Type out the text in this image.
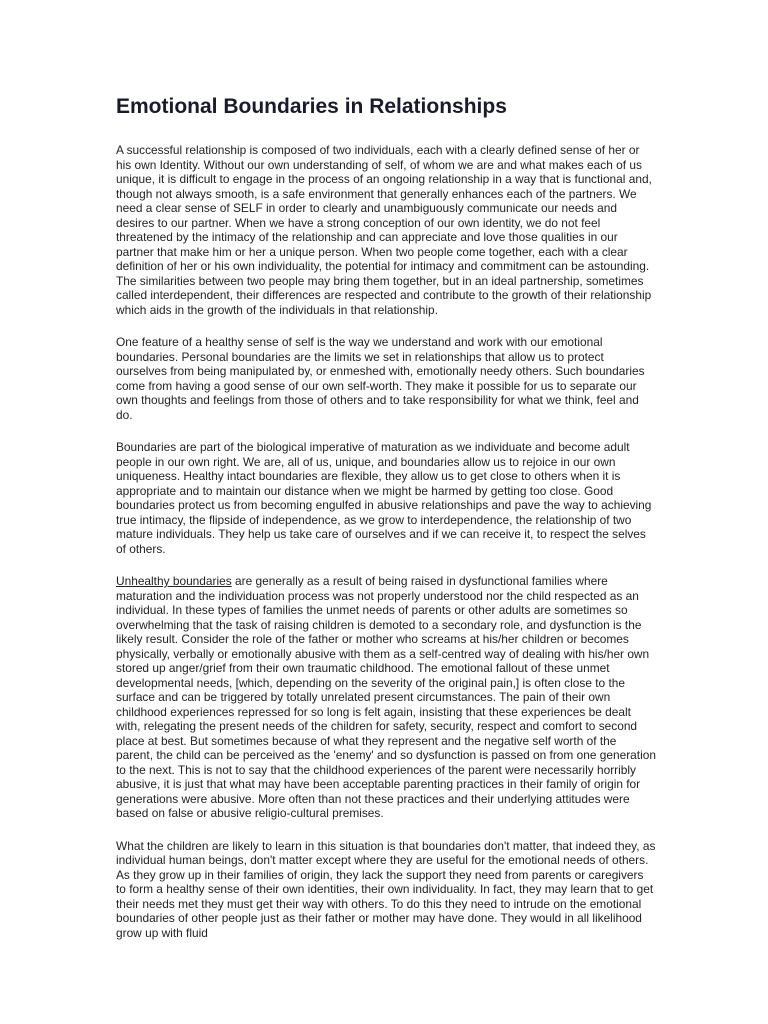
Emotional Boundaries in Relationships

A successful relationship is composed of two individuals, each with a clearly defined sense of her or his own Identity. Without our own understanding of self, of whom we are and what makes each of us unique, it is difficult to engage in the process of an ongoing relationship in a way that is functional and, though not always smooth, is a safe environment that generally enhances each of the partners. We need a clear sense of SELF in order to clearly and unambiguously communicate our needs and desires to our partner. When we have a strong conception of our own identity, we do not feel threatened by the intimacy of the relationship and can appreciate and love those qualities in our partner that make him or her a unique person. When two people come together, each with a clear definition of her or his own individuality, the potential for intimacy and commitment can be astounding. The similarities between two people may bring them together, but in an ideal partnership, sometimes called interdependent, their differences are respected and contribute to the growth of their relationship which aids in the growth of the individuals in that relationship.

One feature of a healthy sense of self is the way we understand and work with our emotional boundaries. Personal boundaries are the limits we set in relationships that allow us to protect ourselves from being manipulated by, or enmeshed with, emotionally needy others. Such boundaries come from having a good sense of our own self-worth. They make it possible for us to separate our own thoughts and feelings from those of others and to take responsibility for what we think, feel and do.

Boundaries are part of the biological imperative of maturation as we individuate and become adult people in our own right. We are, all of us, unique, and boundaries allow us to rejoice in our own uniqueness. Healthy intact boundaries are flexible, they allow us to get close to others when it is appropriate and to maintain our distance when we might be harmed by getting too close. Good boundaries protect us from becoming engulfed in abusive relationships and pave the way to achieving true intimacy, the flipside of independence, as we grow to interdependence, the relationship of two mature individuals. They help us take care of ourselves and if we can receive it, to respect the selves of others.

Unhealthy boundaries are generally as a result of being raised in dysfunctional families where maturation and the individuation process was not properly understood nor the child respected as an individual. In these types of families the unmet needs of parents or other adults are sometimes so overwhelming that the task of raising children is demoted to a secondary role, and dysfunction is the likely result. Consider the role of the father or mother who screams at his/her children or becomes physically, verbally or emotionally abusive with them as a self-centred way of dealing with his/her own stored up anger/grief from their own traumatic childhood. The emotional fallout of these unmet developmental needs, [which, depending on the severity of the original pain,] is often close to the surface and can be triggered by totally unrelated present circumstances. The pain of their own childhood experiences repressed for so long is felt again, insisting that these experiences be dealt with, relegating the present needs of the children for safety, security, respect and comfort to second place at best. But sometimes because of what they represent and the negative self worth of the parent, the child can be perceived as the 'enemy' and so dysfunction is passed on from one generation to the next. This is not to say that the childhood experiences of the parent were necessarily horribly abusive, it is just that what may have been acceptable parenting practices in their family of origin for generations were abusive. More often than not these practices and their underlying attitudes were based on false or abusive religio-cultural premises.

What the children are likely to learn in this situation is that boundaries don't matter, that indeed they, as individual human beings, don't matter except where they are useful for the emotional needs of others. As they grow up in their families of origin, they lack the support they need from parents or caregivers to form a healthy sense of their own identities, their own individuality. In fact, they may learn that to get their needs met they must get their way with others. To do this they need to intrude on the emotional boundaries of other people just as their father or mother may have done. They would in all likelihood grow up with fluid
